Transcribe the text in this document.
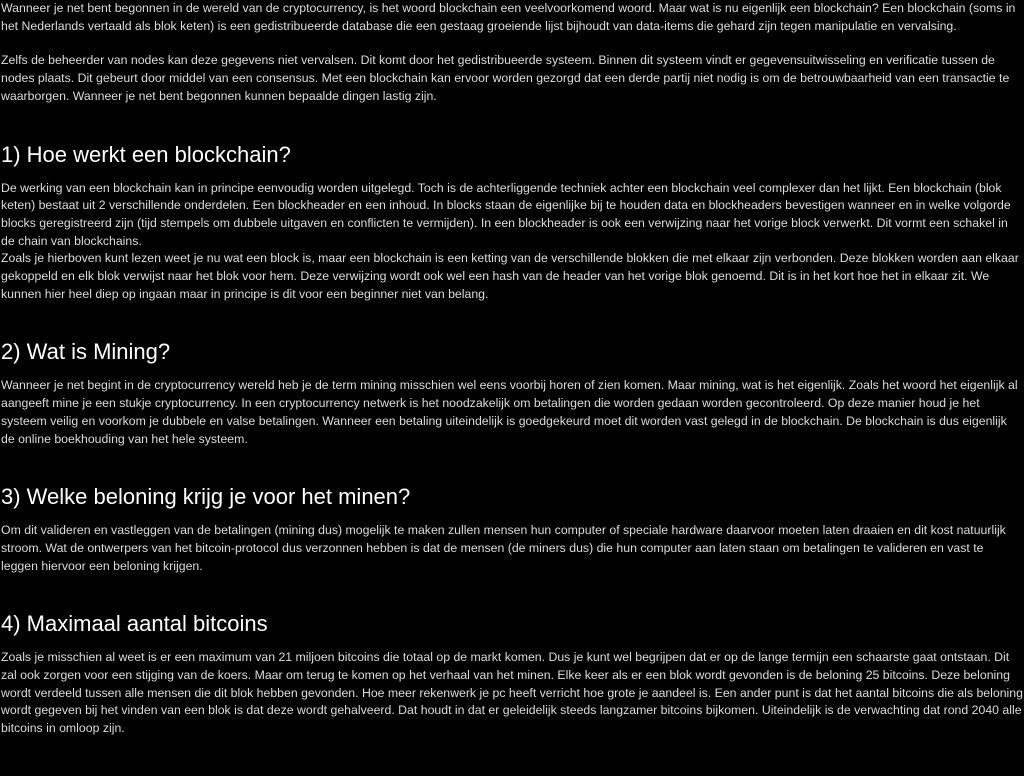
Wanneer je net bent begonnen in de wereld van de cryptocurrency, is het woord blockchain een veelvoorkomend woord. Maar wat is nu eigenlijk een blockchain? Een blockchain (soms in het Nederlands vertaald als blok keten) is een gedistribueerde database die een gestaag groeiende lijst bijhoudt van data-items die gehard zijn tegen manipulatie en vervalsing.

Zelfs de beheerder van nodes kan deze gegevens niet vervalsen. Dit komt door het gedistribueerde systeem. Binnen dit systeem vindt er gegevensuitwisseling en verificatie tussen de nodes plaats. Dit gebeurt door middel van een consensus. Met een blockchain kan ervoor worden gezorgd dat een derde partij niet nodig is om de betrouwbaarheid van een transactie te waarborgen. Wanneer je net bent begonnen kunnen bepaalde dingen lastig zijn.

1) Hoe werkt een blockchain?

De werking van een blockchain kan in principe eenvoudig worden uitgelegd. Toch is de achterliggende techniek achter een blockchain veel complexer dan het lijkt. Een blockchain (blok keten) bestaat uit 2 verschillende onderdelen. Een blockheader en een inhoud. In blocks staan de eigenlijke bij te houden data en blockheaders bevestigen wanneer en in welke volgorde blocks geregistreerd zijn (tijd stempels om dubbele uitgaven en conflicten te vermijden). In een blockheader is ook een verwijzing naar het vorige block verwerkt. Dit vormt een schakel in de chain van blockchains.

Zoals je hierboven kunt lezen weet je nu wat een block is, maar een blockchain is een ketting van de verschillende blokken die met elkaar zijn verbonden. Deze blokken worden aan elkaar gekoppeld en elk blok verwijst naar het blok voor hem. Deze verwijzing wordt ook wel een hash van de header van het vorige blok genoemd. Dit is in het kort hoe het in elkaar zit. We kunnen hier heel diep op ingaan maar in principe is dit voor een beginner niet van belang.

2) Wat is Mining?

Wanneer je net begint in de cryptocurrency wereld heb je de term mining misschien wel eens voorbij horen of zien komen. Maar mining, wat is het eigenlijk. Zoals het woord het eigenlijk al aangeeft mine je een stukje cryptocurrency. In een cryptocurrency netwerk is het noodzakelijk om betalingen die worden gedaan worden gecontroleerd. Op deze manier houd je het systeem veilig en voorkom je dubbele en valse betalingen. Wanneer een betaling uiteindelijk is goedgekeurd moet dit worden vast gelegd in de blockchain. De blockchain is dus eigenlijk de online boekhouding van het hele systeem.

3) Welke beloning krijg je voor het minen?

Om dit valideren en vastleggen van de betalingen (mining dus) mogelijk te maken zullen mensen hun computer of speciale hardware daarvoor moeten laten draaien en dit kost natuurlijk stroom. Wat de ontwerpers van het bitcoin-protocol dus verzonnen hebben is dat de mensen (de miners dus) die hun computer aan laten staan om betalingen te valideren en vast te leggen hiervoor een beloning krijgen.

4) Maximaal aantal bitcoins

Zoals je misschien al weet is er een maximum van 21 miljoen bitcoins die totaal op de markt komen. Dus je kunt wel begrijpen dat er op de lange termijn een schaarste gaat ontstaan. Dit zal ook zorgen voor een stijging van de koers. Maar om terug te komen op het verhaal van het minen. Elke keer als er een blok wordt gevonden is de beloning 25 bitcoins. Deze beloning wordt verdeeld tussen alle mensen die dit blok hebben gevonden. Hoe meer rekenwerk je pc heeft verricht hoe grote je aandeel is. Een ander punt is dat het aantal bitcoins die als beloning wordt gegeven bij het vinden van een blok is dat deze wordt gehalveerd. Dat houdt in dat er geleidelijk steeds langzamer bitcoins bijkomen. Uiteindelijk is de verwachting dat rond 2040 alle bitcoins in omloop zijn.
